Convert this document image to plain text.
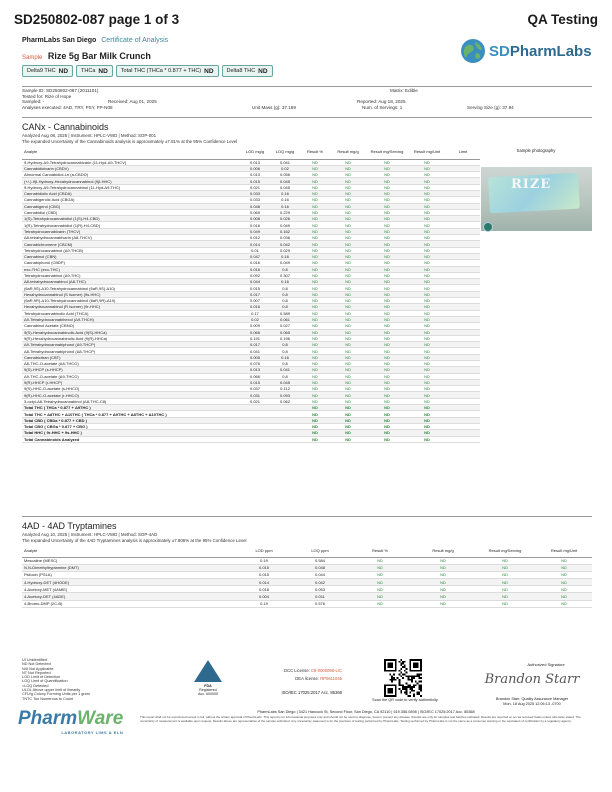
SD250802-087 page 1 of 3	QA Testing
PharmLabs San Diego Certificate of Analysis
Sample Rize 5g Bar Milk Crunch
Delta9 THC ND THCa ND Total THC (THCa * 0.877 + THC) ND Delta8 THC ND
SDPharmLabs
Sample ID: SD250802-087 (2011101)	Matrix: Edible
Tested for: Rize of Hope
Sampled: -	Received: Aug 01, 2025	Reported: Aug 18, 2025
Analyses executed: 4AD, TRY, PSY, FP-N08	Unit Mass (g): 37.169	Num. of Servings: 1	Serving Size (g): 37.94
CANx - Cannabinoids
Analyzed Aug 08, 2025 | Instrument: HPLC-VWD | Method: SOP-001
The expanded Uncertainty of the Cannabinoids analysis is approximately ±7.81% at the 95% Confidence Level
Analyte	LOD mg/g	LOQ mg/g	Result %	Result mg/g	Result mg/Serving	Result mg/Unit	Limit
9-Hydroxy-Δ9-Tetrahydrocannabivarin (11-Hyd-Δ9-THCV)	0.013	0.041	ND	ND	ND	ND	
Cannabidiolvarin (CBDV)	0.006	0.02	ND	ND	ND	ND	
Abnormal Cannabidiol-Ln (a-CBDO)	0.013	0.056	ND	ND	ND	ND	
(+/-)-9β-Hydroxy-Hexahydrocannabinol (9β-HHC)	0.015	0.045	ND	ND	ND	ND	
9-Hydroxy-Δ9-Tetrahydrocannabinol (11-Hyd-Δ9-THC)	0.021	0.045	ND	ND	ND	ND	
Cannabidiolic Acid (CBDA)	0.033	0.16	ND	ND	ND	ND	
Cannabigerolic Acid (CBGA)	0.033	0.16	ND	ND	ND	ND	
Cannabigerol (CBG)	0.048	0.16	ND	ND	ND	ND	
Cannabidiol (CBD)	0.069	0.229	ND	ND	ND	ND	
1(S)-Tetrahydrocannabidiol (1(S)-H4-CBD)	0.008	0.026	ND	ND	ND	ND	
1(R)-Tetrahydrocannabidiol (1(R)-H4-CBD)	0.016	0.049	ND	ND	ND	ND	
Tetrahydrocannabivarin (THCV)	0.049	0.162	ND	ND	ND	ND	
Δ8-tetrahydrocannabivarin (Δ8-THCV)	0.012	0.036	ND	ND	ND	ND	
Cannabichromene (CBCM)	0.014	0.042	ND	ND	ND	ND	
Tetrahydrocannabinol (Δ9-THCB)	0.01	0.029	ND	ND	ND	ND	
Cannabinol (CBN)	0.047	0.16	ND	ND	ND	ND	
Cannabiphorol (CBDP)	0.016	0.049	ND	ND	ND	ND	
exo-THC (exo-THC)	0.016	0.8	ND	ND	ND	ND	
Tetrahydrocannabinol (Δ9-THC)	0.092	0.307	ND	ND	ND	ND	
Δ8-tetrahydrocannabinol (Δ8-THC)	0.044	0.16	ND	ND	ND	ND	
(6aR,9S)-Δ10-Tetrahydrocannabinol (6aR,9S)-Δ10)	0.015	0.8	ND	ND	ND	ND	
Hexahydrocannabinol (S Isomer) (9s-HHC)	0.017	0.8	ND	ND	ND	ND	
(6aR,9R)-Δ10-Tetrahydrocannabinol (6aR,9R)-Δ10)	0.007	0.8	ND	ND	ND	ND	
Hexahydrocannabinol (R Isomer) (9r-HHC)	0.016	0.8	ND	ND	ND	ND	
Tetrahydrocannabinolic Acid (THCA)	0.17	0.589	ND	ND	ND	ND	
Δ9-Tetrahydrocannabihexol (Δ9-THCH)	0.02	0.061	ND	ND	ND	ND	
Cannabinol Acetate (CBNO)	0.009	0.027	ND	ND	ND	ND	
9(S)-Hexahydrocannabinolic Acid (9(S)-HHCa)	0.065	0.065	ND	ND	ND	ND	
9(R)-Hexahydrocannabinolic Acid (9(R)-HHCa)	0.191	0.196	ND	ND	ND	ND	
Δ9-Tetrahydrocannabiphorol (Δ9-THCP)	0.017	0.8	ND	ND	ND	ND	
Δ8-Tetrahydrocannabiphorol (Δ8-THCP)	0.041	0.8	ND	ND	ND	ND	
Cannabicitran (CBT)	0.005	0.16	ND	ND	ND	ND	
Δ8-THC-O-acetate (Δ8-THCO)	0.076	0.8	ND	ND	ND	ND	
9(S)-HHCP (s-HHCP)	0.013	0.041	ND	ND	ND	ND	
Δ9-THC-O-acetate (Δ9-THCO)	0.066	0.8	ND	ND	ND	ND	
9(R)-HHCP (r-HHCP)	0.015	0.045	ND	ND	ND	ND	
9(S)-HHC-O-acetate (s-HHCO)	0.037	0.112	ND	ND	ND	ND	
9(R)-HHC-O-acetate (r-HHCO)	0.031	0.093	ND	ND	ND	ND	
3-octyl-Δ8-Tetrahydrocannabinol (Δ8-THC-C8)	0.021	0.062	ND	ND	ND	ND	
Total THC ( THCa * 0.877 + Δ9THC )			ND	ND	ND	ND	
Total THC + Δ8THC + Δ10THC ( THCa * 0.877 + Δ9THC + Δ8THC + Δ10THC )			ND	ND	ND	ND	
Total CBD ( CBDa * 0.877 + CBD )			ND	ND	ND	ND	
Total CBG ( CBGa * 0.877 + CBG )			ND	ND	ND	ND	
Total HHC ( 9r-HHC + 9s-HHC )			ND	ND	ND	ND	
Total Cannabinoids Analyzed			ND	ND	ND	ND	
Sample photography
RIZE
4AD - 4AD Tryptamines
Analyzed Aug 10, 2025 | Instrument: HPLC-VWD | Method: SOP-4AD
The expanded Uncertainty of the 4AD Tryptamines analysis is approximately ±7.806% at the 95% Confidence Level
Analyte	LOD ppm	LOQ ppm	Result %	Result mg/g	Result mg/Serving	Result mg/Unit
Mescaline (MESC)	0.19	0.584	ND	ND	ND	ND
N,N-Dimethyltryptamine (DMT)	0.015	0.048	ND	ND	ND	ND
Psilocin (PSLA)	0.015	0.044	ND	ND	ND	ND
4-Hydroxy-DET (4HODE)	0.014	0.042	ND	ND	ND	ND
4-Acetoxy-MET (4AMIE)	0.018	0.053	ND	ND	ND	ND
4-Acetoxy-DET (4ADE)	0.004	0.011	ND	ND	ND	ND
4-Bromo-DMP (2C-B)	0.19	0.576	ND	ND	ND	ND
UI Unidentified
ND Not Detected
N/A Not Applicable
NT Not Reported
LOD Limit of Detection
LOQ Limit of Quantification
<LOQ Detected
ULOL Above upper limit of linearity
CFU/g Colony Forming Units per 1 gram
TNTC Too Numerous to Count
PharmWare
LABORATORY LIMS & ELN
FDA
Registered
Acc. #00000
DCC License: C8-0000096-LIC
DEA license: RP0611045
ISO/IEC 17025:2017 Acc. 85368
Scan the QR code to verify authenticity
Authorized Signature
Brandon Starr
Brandon Starr, Quality Assurance Manager
Mon, 18 Aug 2025 12:06:13 -0700
PharmLabs San Diego | 3421 Hancock St, Second Floor, San Diego, CA 92110 | 619.356.0898 | ISO/IEC 17025:2017 Acc. 85368
This report shall not be reproduced except in full, without the written approval of PharmLabs. This report is for informational purposes only and should not be used to diagnose, treat or prevent any disease. Results are only for samples and batches indicated. Results are reported on an 'as received' basis unless otherwise stated. The uncertainty of measurement is available upon request. Results above are representative of the sample submitted. Any uncertainty statement is for the precision of testing performed by PharmLabs. Testing performed by PharmLabs is not the same as a consumer warning or the equivalent of certification by a regulatory agency.
